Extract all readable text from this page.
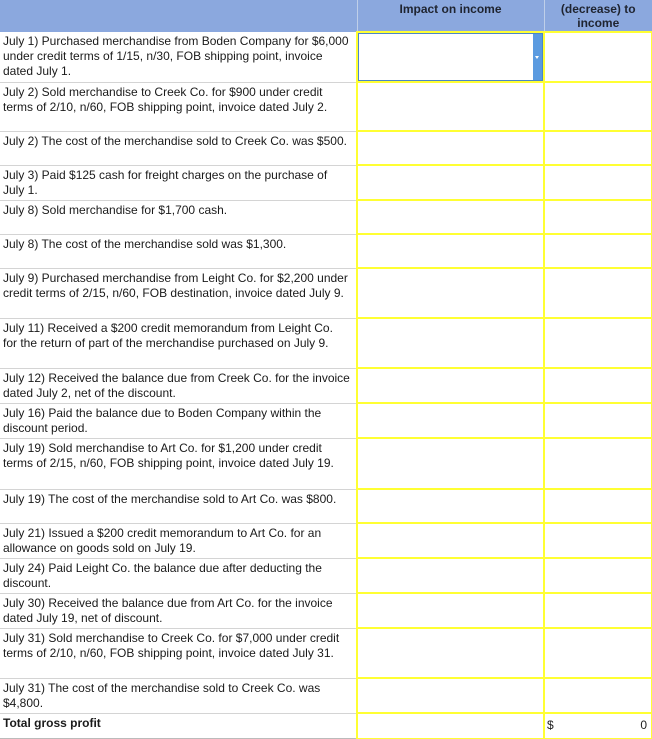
	Impact on income	(decrease) to
income

July 1) Purchased merchandise from Boden Company for $6,000 under credit terms of 1/15, n/30, FOB shipping point, invoice dated July 1.	

July 2) Sold merchandise to Creek Co. for $900 under credit terms of 2/10, n/60, FOB shipping point, invoice dated July 2.		
July 2) The cost of the merchandise sold to Creek Co. was $500.		
July 3) Paid $125 cash for freight charges on the purchase of July 1.		
July 8) Sold merchandise for $1,700 cash.		
July 8) The cost of the merchandise sold was $1,300.		
July 9) Purchased merchandise from Leight Co. for $2,200 under credit terms of 2/15, n/60, FOB destination, invoice dated July 9.		
July 11) Received a $200 credit memorandum from Leight Co. for the return of part of the merchandise purchased on July 9.		
July 12) Received the balance due from Creek Co. for the invoice dated July 2, net of the discount.		
July 16) Paid the balance due to Boden Company within the discount period.		
July 19) Sold merchandise to Art Co. for $1,200 under credit terms of 2/15, n/60, FOB shipping point, invoice dated July 19.		
July 19) The cost of the merchandise sold to Art Co. was $800.		
July 21) Issued a $200 credit memorandum to Art Co. for an allowance on goods sold on July 19.		
July 24) Paid Leight Co. the balance due after deducting the discount.		
July 30) Received the balance due from Art Co. for the invoice dated July 19, net of discount.		
July 31) Sold merchandise to Creek Co. for $7,000 under credit terms of 2/10, n/60, FOB shipping point, invoice dated July 31.		
July 31) The cost of the merchandise sold to Creek Co. was $4,800.		
Total gross profit		$ 0
